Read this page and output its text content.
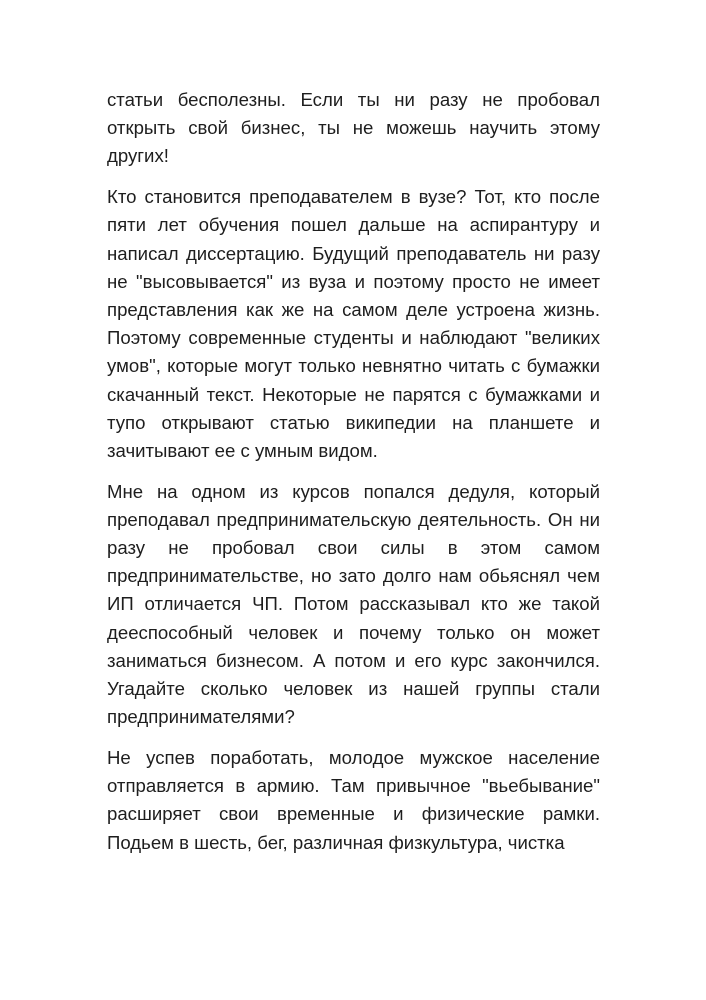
статьи бесполезны. Если ты ни разу не пробовал открыть свой бизнес, ты не можешь научить этому других!

Кто становится преподавателем в вузе? Тот, кто после пяти лет обучения пошел дальше на аспирантуру и написал диссертацию. Будущий преподаватель ни разу не "высовывается" из вуза и поэтому просто не имеет представления как же на самом деле устроена жизнь. Поэтому современные студенты и наблюдают "великих умов", которые могут только невнятно читать с бумажки скачанный текст. Некоторые не парятся с бумажками и тупо открывают статью википедии на планшете и зачитывают ее с умным видом.

Мне на одном из курсов попался дедуля, который преподавал предпринимательскую деятельность. Он ни разу не пробовал свои силы в этом самом предпринимательстве, но зато долго нам обьяснял чем ИП отличается ЧП. Потом рассказывал кто же такой дееспособный человек и почему только он может заниматься бизнесом. А потом и его курс закончился. Угадайте сколько человек из нашей группы стали предпринимателями?

Не успев поработать, молодое мужское население отправляется в армию. Там привычное "вьебывание" расширяет свои временные и физические рамки. Подьем в шесть, бег, различная физкультура, чистка
